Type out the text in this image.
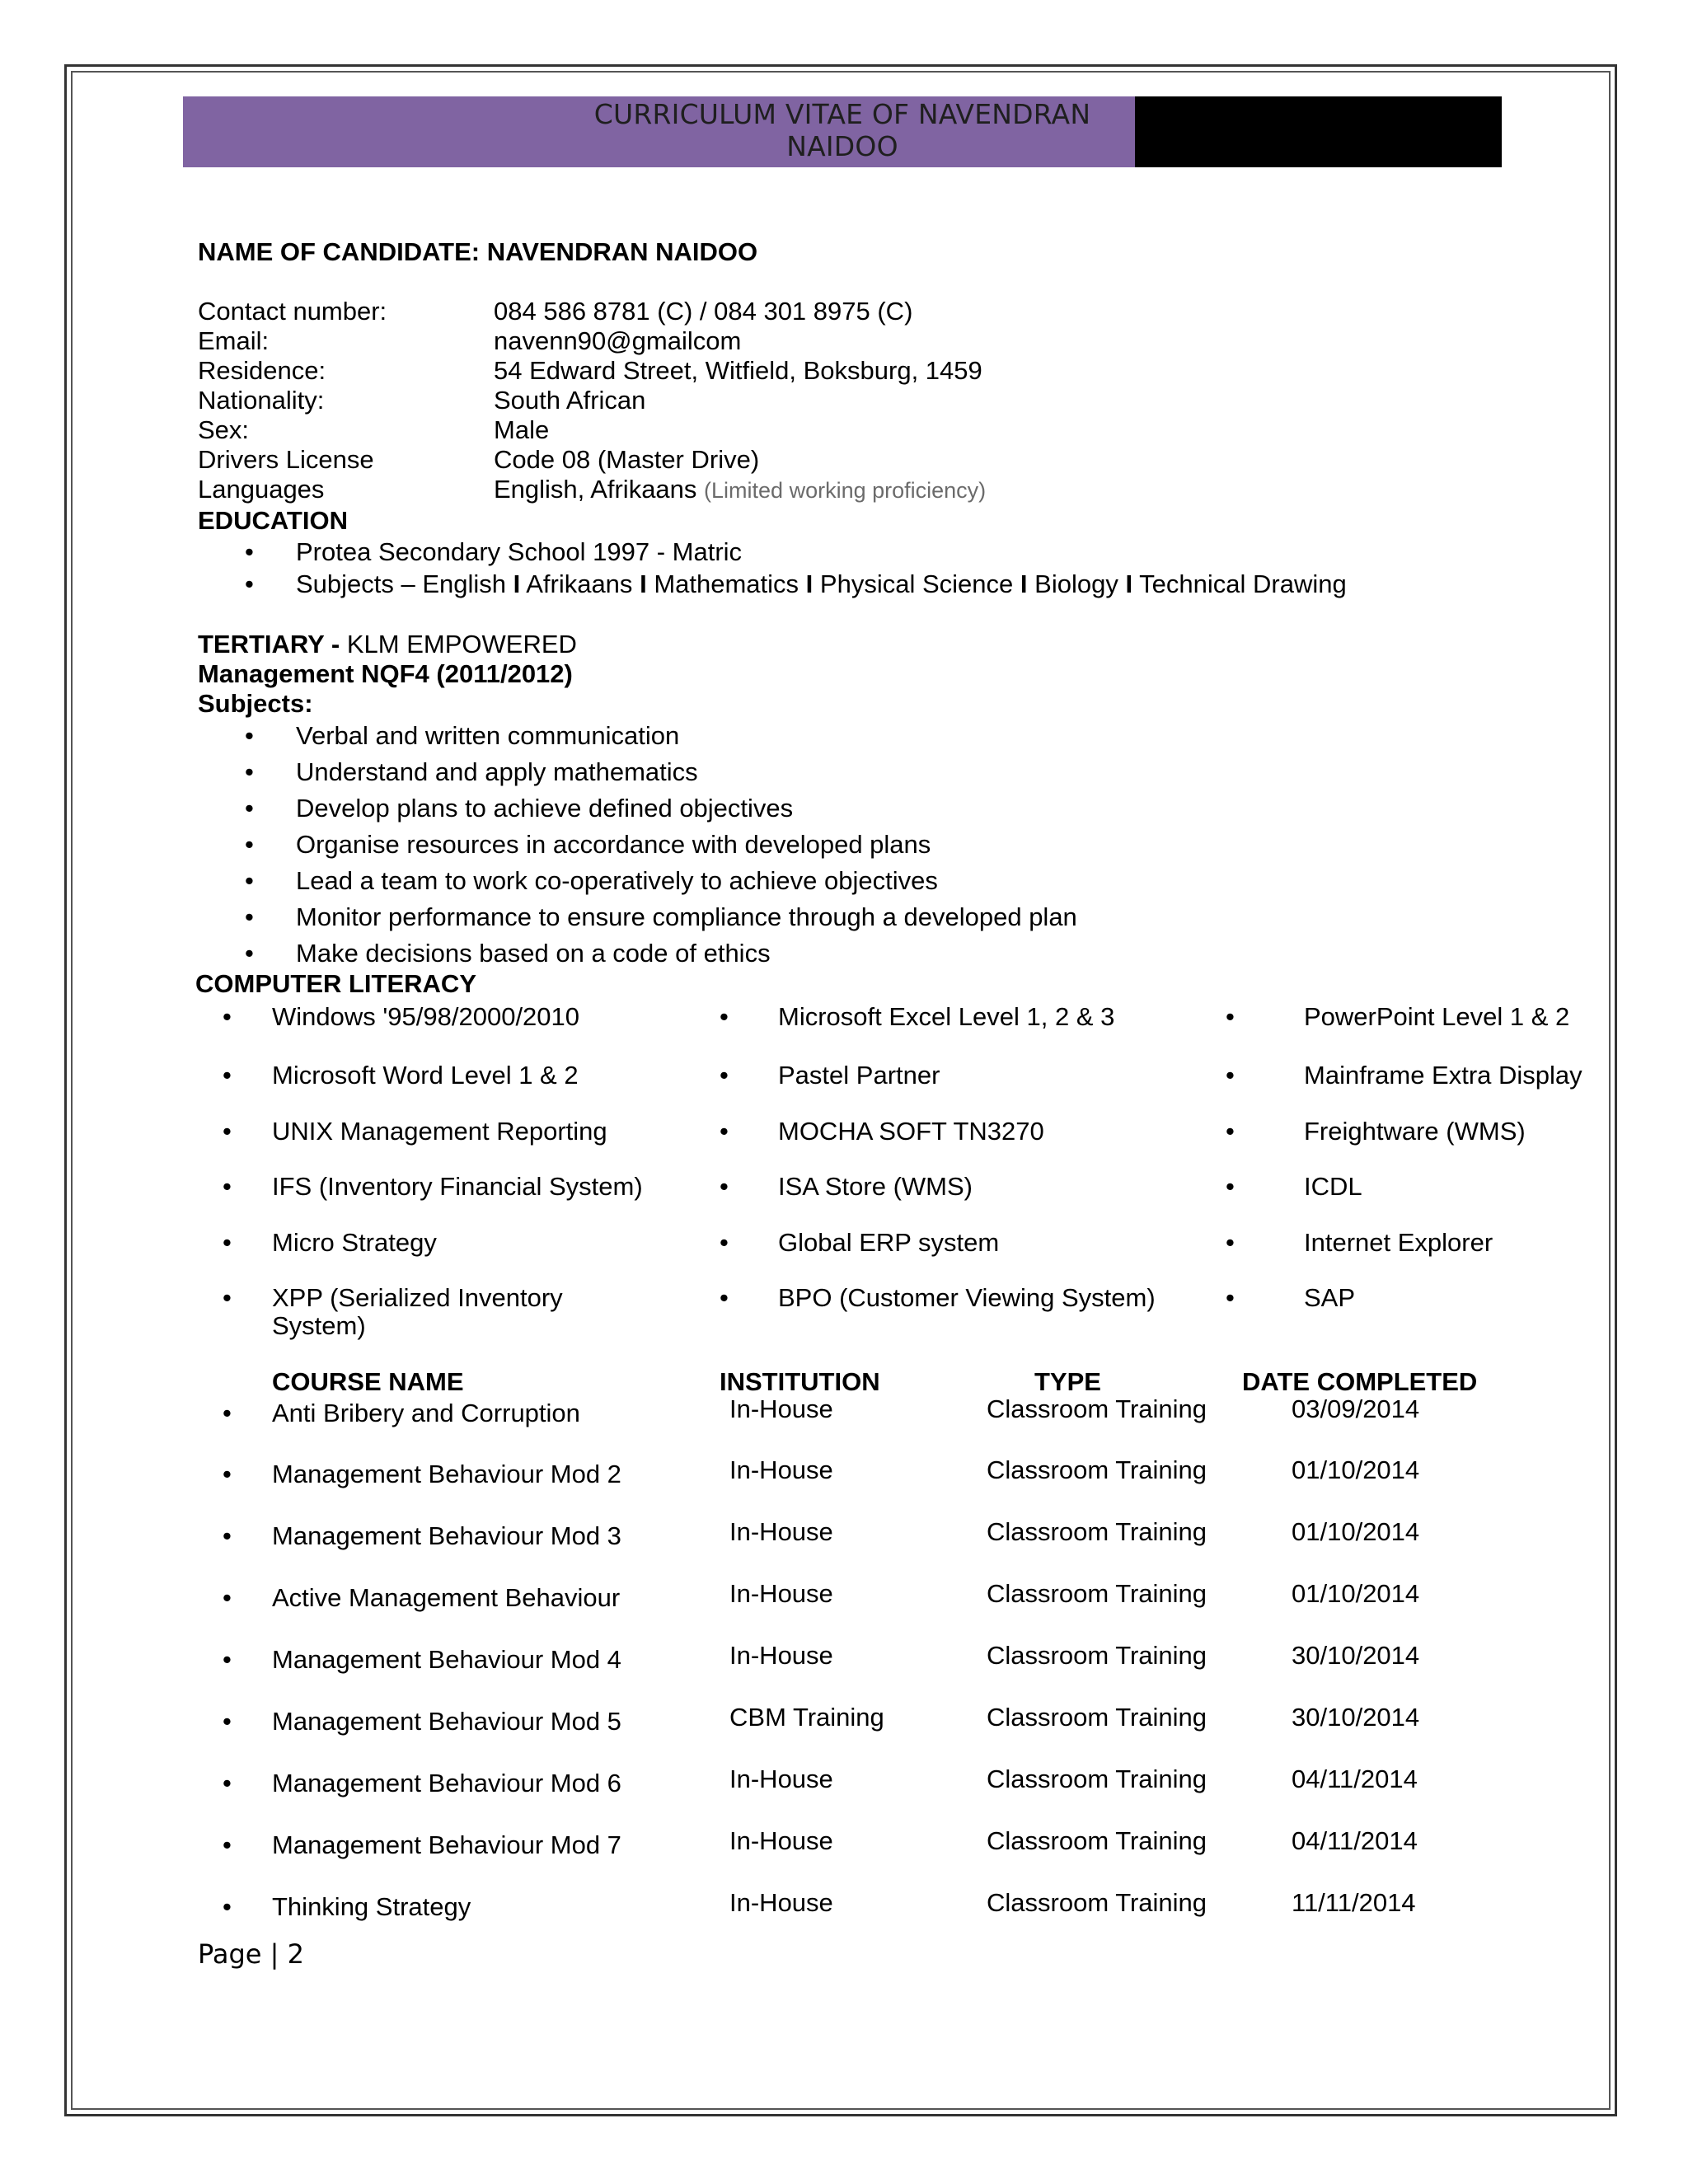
CURRICULUM VITAE OF NAVENDRAN NAIDOO
NAME OF CANDIDATE: NAVENDRAN NAIDOO
Contact number:	084 586 8781 (C) / 084 301 8975 (C)
Email:	navenn90@gmailcom
Residence:	54 Edward Street, Witfield, Boksburg, 1459
Nationality:	South African
Sex:	Male
Drivers License	Code 08 (Master Drive)
Languages	English, Afrikaans (Limited working proficiency)
EDUCATION
• Protea Secondary School 1997 - Matric
• Subjects – English I Afrikaans I Mathematics I Physical Science I Biology I Technical Drawing
TERTIARY - KLM EMPOWERED
Management NQF4 (2011/2012)
Subjects:
• Verbal and written communication
• Understand and apply mathematics
• Develop plans to achieve defined objectives
• Organise resources in accordance with developed plans
• Lead a team to work co-operatively to achieve objectives
• Monitor performance to ensure compliance through a developed plan
• Make decisions based on a code of ethics
COMPUTER LITERACY
• Windows '95/98/2000/2010
• Microsoft Word Level 1 & 2
• UNIX Management Reporting
• IFS (Inventory Financial System)
• Micro Strategy
• XPP (Serialized Inventory
System)
• Microsoft Excel Level 1, 2 & 3
• Pastel Partner
• MOCHA SOFT TN3270
• ISA Store (WMS)
• Global ERP system
• BPO (Customer Viewing System)
•	PowerPoint Level 1 & 2
•	Mainframe Extra Display
•	Freightware (WMS)
•	ICDL
•	Internet Explorer
•	SAP
COURSE NAME	INSTITUTION	TYPE	DATE COMPLETED
• Anti Bribery and Corruption	In-House	Classroom Training	03/09/2014
• Management Behaviour Mod 2	In-House	Classroom Training	01/10/2014
• Management Behaviour Mod 3	In-House	Classroom Training	01/10/2014
• Active Management Behaviour	In-House	Classroom Training	01/10/2014
• Management Behaviour Mod 4	In-House	Classroom Training	30/10/2014
• Management Behaviour Mod 5	CBM Training	Classroom Training	30/10/2014
• Management Behaviour Mod 6	In-House	Classroom Training	04/11/2014
• Management Behaviour Mod 7	In-House	Classroom Training	04/11/2014
• Thinking Strategy	In-House	Classroom Training	11/11/2014
Page | 2
